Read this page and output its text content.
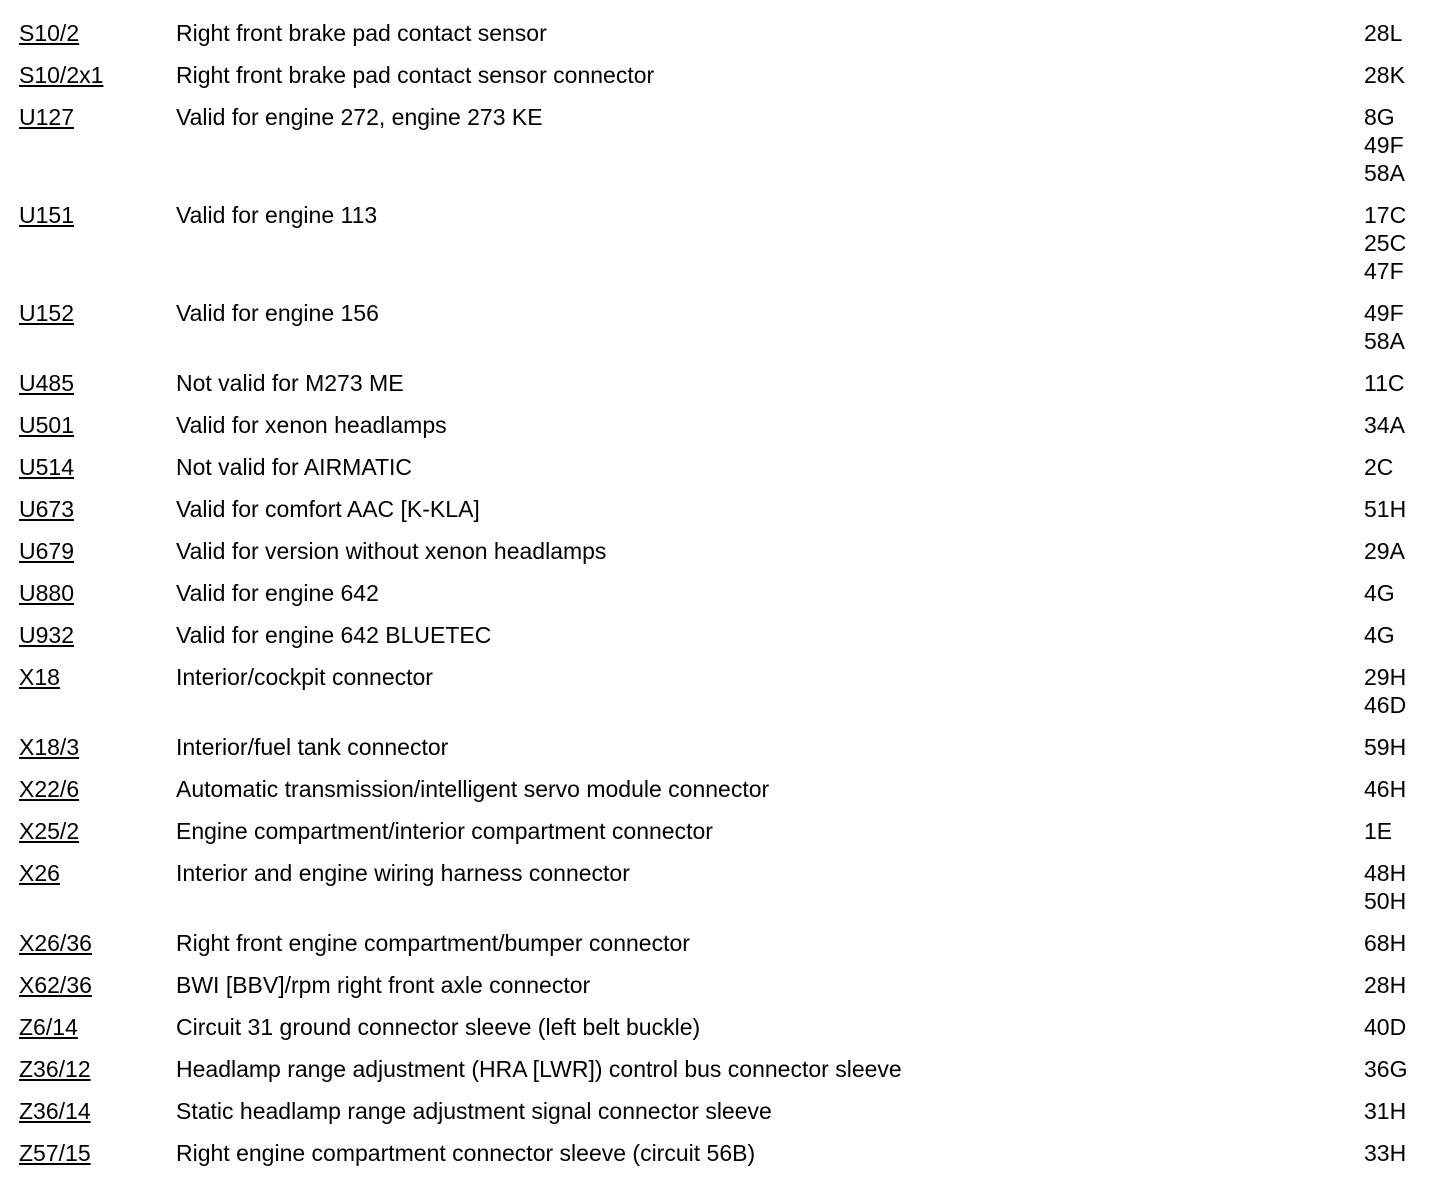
S10/2	Right front brake pad contact sensor	28L
S10/2x1	Right front brake pad contact sensor connector	28K
U127	Valid for engine 272, engine 273 KE	8G
49F
58A
U151	Valid for engine 113	17C
25C
47F
U152	Valid for engine 156	49F
58A
U485	Not valid for M273 ME	11C
U501	Valid for xenon headlamps	34A
U514	Not valid for AIRMATIC	2C
U673	Valid for comfort AAC [K-KLA]	51H
U679	Valid for version without xenon headlamps	29A
U880	Valid for engine 642	4G
U932	Valid for engine 642 BLUETEC	4G
X18	Interior/cockpit connector	29H
46D
X18/3	Interior/fuel tank connector	59H
X22/6	Automatic transmission/intelligent servo module connector	46H
X25/2	Engine compartment/interior compartment connector	1E
X26	Interior and engine wiring harness connector	48H
50H
X26/36	Right front engine compartment/bumper connector	68H
X62/36	BWI [BBV]/rpm right front axle connector	28H
Z6/14	Circuit 31 ground connector sleeve (left belt buckle)	40D
Z36/12	Headlamp range adjustment (HRA [LWR]) control bus connector sleeve	36G
Z36/14	Static headlamp range adjustment signal connector sleeve	31H
Z57/15	Right engine compartment connector sleeve (circuit 56B)	33H
